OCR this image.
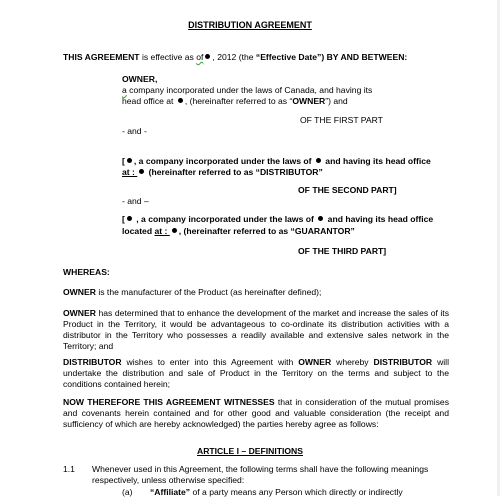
DISTRIBUTION AGREEMENT
THIS AGREEMENT is effective as of , 2012 (the “Effective Date”) BY AND BETWEEN:
OWNER,
a company incorporated under the laws of Canada, and having its
head office at , (hereinafter referred to as “OWNER”) and
OF THE FIRST PART
- and -
[ , a company incorporated under the laws of  and having its head office
at :  (hereinafter referred to as “DISTRIBUTOR”
OF THE SECOND PART]
- and –
[ , a company incorporated under the laws of  and having its head office
located at : , (hereinafter referred to as “GUARANTOR”
OF THE THIRD PART]
WHEREAS:
OWNER is the manufacturer of the Product (as hereinafter defined);
OWNER has determined that to enhance the development of the market and increase the sales of its Product in the Territory, it would be advantageous to co-ordinate its distribution activities with a distributor in the Territory who possesses a readily available and extensive sales network in the Territory; and
DISTRIBUTOR wishes to enter into this Agreement with OWNER whereby DISTRIBUTOR will undertake the distribution and sale of Product in the Territory on the terms and subject to the conditions contained herein;
NOW THEREFORE THIS AGREEMENT WITNESSES that in consideration of the mutual promises and covenants herein contained and for other good and valuable consideration (the receipt and sufficiency of which are hereby acknowledged) the parties hereby agree as follows:
ARTICLE I – DEFINITIONS
1.1 Whenever used in this Agreement, the following terms shall have the following meanings
respectively, unless otherwise specified:
(a) “Affiliate” of a party means any Person which directly or indirectly
